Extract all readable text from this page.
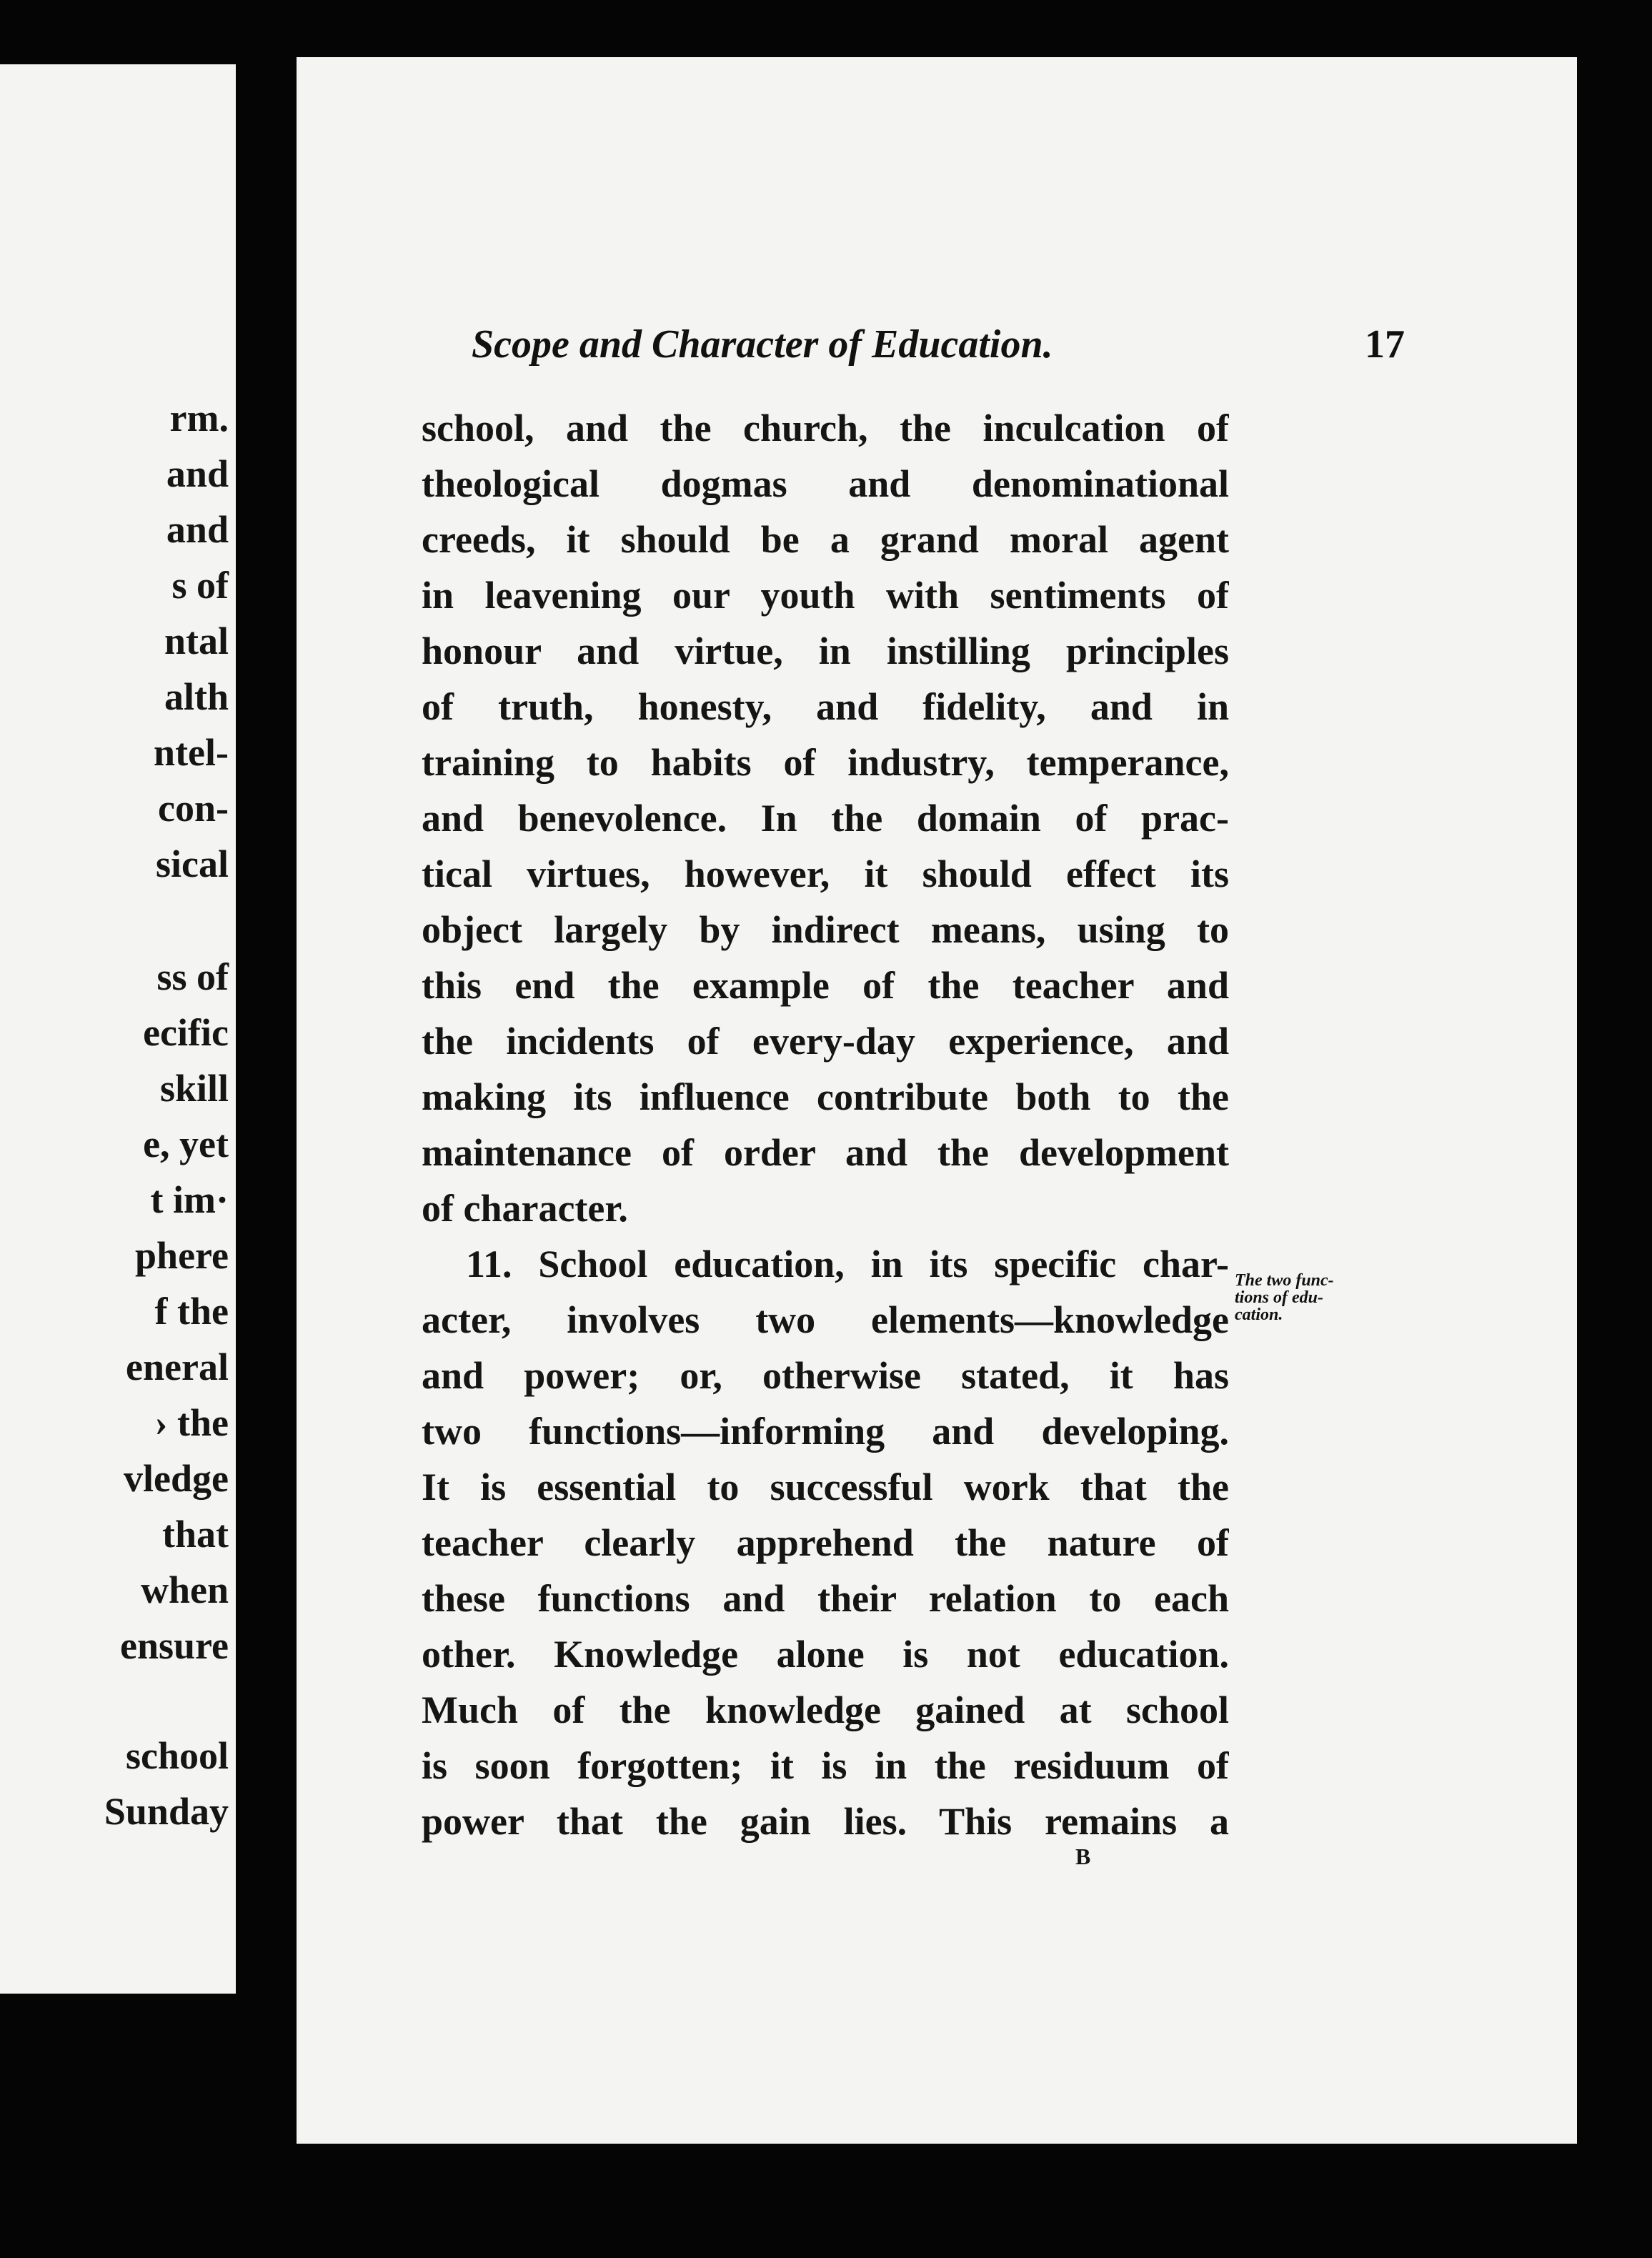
rm.
and
and
s of
ntal
alth
ntel-
con-
sical
ss of
ecific
skill
e, yet
t im·
phere
f the
eneral
› the
vledge
that
when
ensure
school
Sunday
Scope and Character of Education.	17
school, and the church, the inculcation of
theological dogmas and denominational
creeds, it should be a grand moral agent
in leavening our youth with sentiments of
honour and virtue, in instilling principles
of truth, honesty, and fidelity, and in
training to habits of industry, temperance,
and benevolence. In the domain of prac-
tical virtues, however, it should effect its
object largely by indirect means, using to
this end the example of the teacher and
the incidents of every-day experience, and
making its influence contribute both to the
maintenance of order and the development
of character.
11. School education, in its specific char-
acter, involves two elements—knowledge
and power; or, otherwise stated, it has
two functions—informing and developing.
It is essential to successful work that the
teacher clearly apprehend the nature of
these functions and their relation to each
other. Knowledge alone is not education.
Much of the knowledge gained at school
is soon forgotten; it is in the residuum of
power that the gain lies. This remains a
The two func-
tions of edu-
cation.
B
